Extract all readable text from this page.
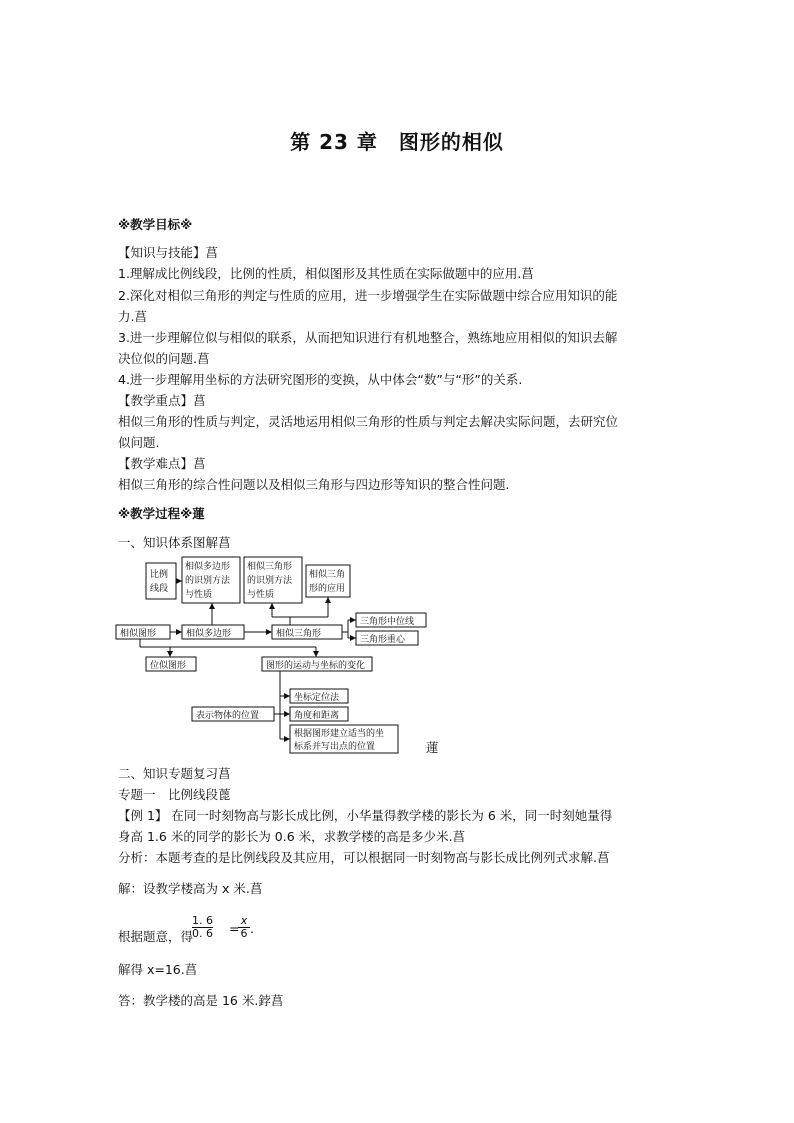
第 23 章　图形的相似
※教学目标※
【知识与技能】菖
1.理解成比例线段，比例的性质，相似图形及其性质在实际做题中的应用.菖
2.深化对相似三角形的判定与性质的应用，进一步增强学生在实际做题中综合应用知识的能
力.菖
3.进一步理解位似与相似的联系，从而把知识进行有机地整合，熟练地应用相似的知识去解
决位似的问题.菖
4.进一步理解用坐标的方法研究图形的变换，从中体会“数”与“形”的关系.
【教学重点】菖
相似三角形的性质与判定，灵活地运用相似三角形的性质与判定去解决实际问题，去研究位
似问题.
【教学难点】菖
相似三角形的综合性问题以及相似三角形与四边形等知识的整合性问题.
※教学过程※蓮
一、知识体系图解菖
比例
线段
相似多边形
的识别方法
与性质
相似三角形
的识别方法
与性质
相似三角
形的应用
相似图形	相似多边形	相似三角形
三角形中位线
三角形重心
位似图形	图形的运动与坐标的变化
坐标定位法
角度和距离
表示物体的位置
根据图形建立适当的坐
标系并写出点的位置	蓮
二、知识专题复习菖
专题一　比例线段蓖
【例 1】 在同一时刻物高与影长成比例，小华量得教学楼的影长为 6 米，同一时刻她量得
身高 1.6 米的同学的影长为 0.6 米，求教学楼的高是多少米.菖
分析：本题考查的是比例线段及其应用，可以根据同一时刻物高与影长成比例列式求解.菖
解：设教学楼高为 x 米.菖
根据题意，得
1. 6
0. 6 =
x
6 .
解得 x=16.菖
答：教学楼的高是 16 米.鋍菖
